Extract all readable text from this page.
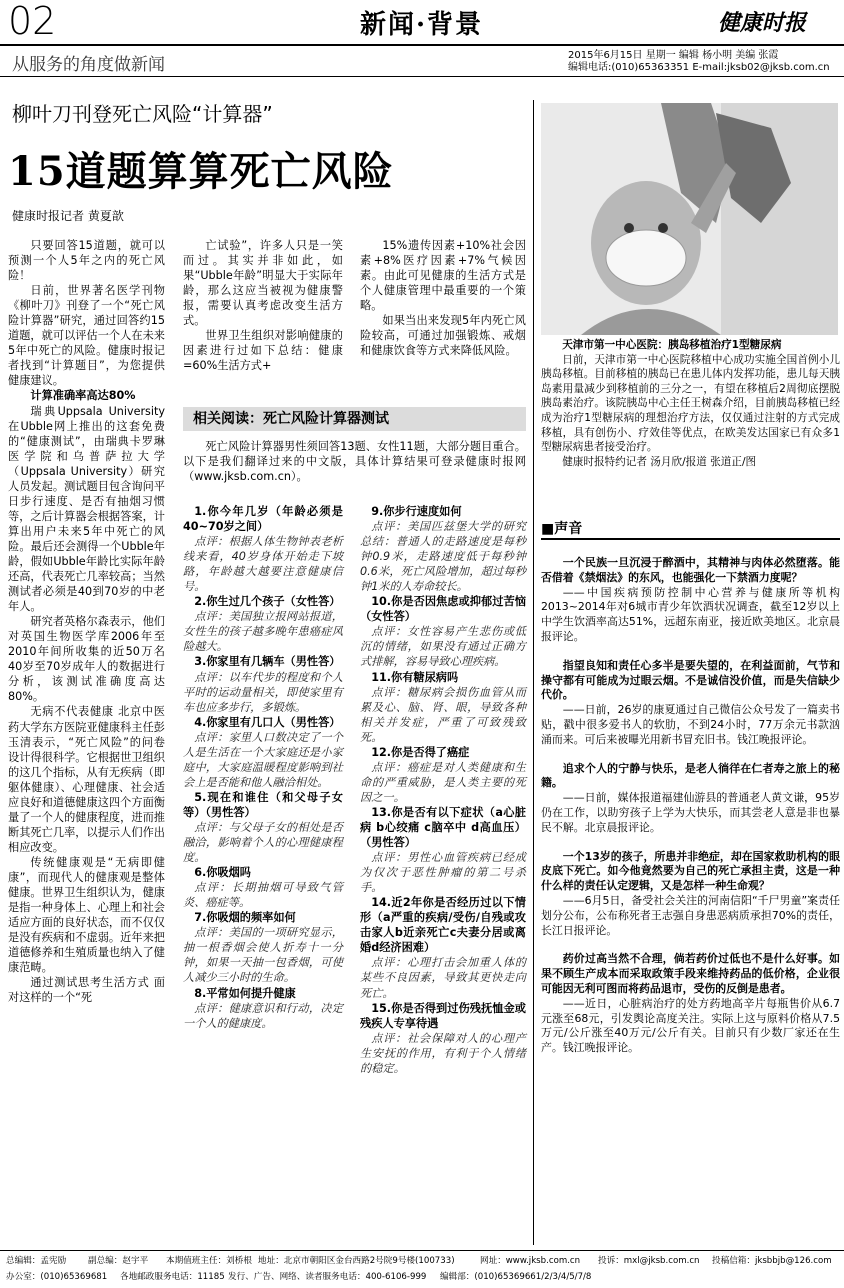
02	新闻·背景	健康时报
从服务的角度做新闻	2015年6月15日 星期一 编辑 杨小明 美编 张霞
编辑电话:(010)65363351 E-mail:jksb02@jksb.com.cn
柳叶刀刊登死亡风险“计算器”
15道题算算死亡风险
健康时报记者 黄夏歆

只要回答15道题，就可以预测一个人5年之内的死亡风险！

日前，世界著名医学刊物《柳叶刀》刊登了一个“死亡风险计算器”研究，通过回答约15道题，就可以评估一个人在未来5年中死亡的风险。健康时报记者找到“计算题目”，为您提供健康建议。

计算准确率高达80%

瑞典Uppsala University在Ubble网上推出的这套免费的“健康测试”，由瑞典卡罗琳医学院和乌普萨拉大学（Uppsala University）研究人员发起。测试题目包含询问平日步行速度、是否有抽烟习惯等，之后计算器会根据答案，计算出用户未来5年中死亡的风险。最后还会测得一个Ubble年龄，假如Ubble年龄比实际年龄还高，代表死亡几率较高；当然测试者必须是40到70岁的中老年人。

研究者英格尔森表示，他们对英国生物医学库2006年至2010年间所收集的近50万名40岁至70岁成年人的数据进行分析，该测试准确度高达80%。

无病不代表健康 北京中医药大学东方医院亚健康科主任彭玉清表示，“死亡风险”的问卷设计得很科学。它根据世卫组织的这几个指标，从有无疾病（即躯体健康）、心理健康、社会适应良好和道德健康这四个方面衡量了一个人的健康程度，进而推断其死亡几率，以提示人们作出相应改变。

传统健康观是“无病即健康”，而现代人的健康观是整体健康。世界卫生组织认为，健康是指一种身体上、心理上和社会适应方面的良好状态，而不仅仅是没有疾病和不虚弱。近年来把道德修养和生殖质量也纳入了健康范畴。

通过测试思考生活方式 面对这样的一个“死

亡试验”，许多人只是一笑而过。其实并非如此，如果“Ubble年龄”明显大于实际年龄，那么这应当被视为健康警报，需要认真考虑改变生活方式。

世界卫生组织对影响健康的因素进行过如下总结：健康=60%生活方式+

15%遗传因素+10%社会因素+8%医疗因素+7%气候因素。由此可见健康的生活方式是个人健康管理中最重要的一个策略。

如果当出来发现5年内死亡风险较高，可通过加强锻炼、戒烟和健康饮食等方式来降低风险。

相关阅读：死亡风险计算器测试

死亡风险计算器男性须回答13题、女性11题，大部分题目重合。以下是我们翻译过来的中文版，具体计算结果可登录健康时报网（www.jksb.com.cn）。

1.你今年几岁（年龄必须是40~70岁之间）

点评：根据人体生物钟表老析线来看，40岁身体开始走下坡路，年龄越大越要注意健康信号。

2.你生过几个孩子（女性答）

点评：美国独立报网站报道，女性生的孩子越多晚年患癌症风险越大。

3.你家里有几辆车（男性答）

点评：以车代步的程度和个人平时的运动量相关，即使家里有车也应多步行，多锻炼。

4.你家里有几口人（男性答）

点评：家里人口数决定了一个人是生活在一个大家庭还是小家庭中，大家庭温暖程度影响到社会上是否能和他人融洽相处。

5.现在和谁住（和父母子女等）（男性答）

点评：与父母子女的相处是否融洽，影响着个人的心理健康程度。

6.你吸烟吗

点评：长期抽烟可导致气管炎、癌症等。

7.你吸烟的频率如何

点评：美国的一项研究显示，抽一根香烟会使人折寿十一分钟，如果一天抽一包香烟，可使人减少三小时的生命。

8.平常如何提升健康

点评：健康意识和行动，决定一个人的健康度。

9.你步行速度如何

点评：美国匹兹堡大学的研究总结：普通人的走路速度是每秒钟0.9米，走路速度低于每秒钟0.6米，死亡风险增加，超过每秒钟1米的人寿命较长。

10.你是否因焦虑或抑郁过苦恼（女性答）

点评：女性容易产生悲伤或低沉的情绪，如果没有通过正确方式排解，容易导致心理疾病。

11.你有糖尿病吗

点评：糖尿病会损伤血管从而累及心、脑、肾、眼，导致各种相关并发症，严重了可致残致死。

12.你是否得了癌症

点评：癌症是对人类健康和生命的严重威胁，是人类主要的死因之一。

13.你是否有以下症状（a心脏病 b心绞痛 c脑卒中 d高血压）（男性答）

点评：男性心血管疾病已经成为仅次于恶性肿瘤的第二号杀手。

14.近2年你是否经历过以下情形（a严重的疾病/受伤/自残或攻击家人b近亲死亡c夫妻分居或离婚d经济困难）

点评：心理打击会加重人体的某些不良因素，导致其更快走向死亡。

15.你是否得到过伤残抚恤金或残疾人专享待遇

点评：社会保障对人的心理产生安抚的作用，有利于个人情绪的稳定。

天津市第一中心医院：胰岛移植治疗1型糖尿病

日前，天津市第一中心医院移植中心成功实施全国首例小儿胰岛移植。目前移植的胰岛已在患儿体内发挥功能，患儿每天胰岛素用量减少到移植前的三分之一，有望在移植后2周彻底摆脱胰岛素治疗。该院胰岛中心主任王树森介绍，目前胰岛移植已经成为治疗1型糖尿病的理想治疗方法，仅仅通过注射的方式完成移植，具有创伤小、疗效佳等优点，在欧美发达国家已有众多1型糖尿病患者接受治疗。

健康时报特约记者 汤月欣/报道 张道正/图

■声音

一个民族一旦沉浸于醉酒中，其精神与肉体必然堕落。能否借着《禁烟法》的东风，也能强化一下禁酒力度呢？

——中国疾病预防控制中心营养与健康所等机构2013~2014年对6城市青少年饮酒状况调查，截至12岁以上中学生饮酒率高达51%，远超东南亚，接近欧美地区。北京晨报评论。

指望良知和责任心多半是要失望的，在利益面前，气节和操守都有可能成为过眼云烟。不是诚信没价值，而是失信缺少代价。

——日前，26岁的康夏通过自己微信公众号发了一篇卖书贴，戳中很多爱书人的软肋，不到24小时，77万余元书款汹涌而来。可后来被曝光用新书冒充旧书。钱江晚报评论。

追求个人的宁静与快乐，是老人徜徉在仁者寿之旅上的秘籍。

——日前，媒体报道福建仙游县的普通老人黄文谦，95岁仍在工作，以助穷孩子上学为大快乐，而其尝老人意是非也暴民不解。北京晨报评论。

一个13岁的孩子，所患并非绝症，却在国家救助机构的眼皮底下死亡。如今他竟然要为自己的死亡承担主责，这是一种什么样的责任认定逻辑，又是怎样一种生命观？

——6月5日，备受社会关注的河南信阳“千尸男童”案责任划分公布，公布称死者王志强自身患恶病质承担70%的责任，长江日报评论。

药价过高当然不合理，倘若药价过低也不是什么好事。如果不顾生产成本而采取政策手段来维持药品的低价格，企业很可能因无利可图而将药品退市，受伤的反倒是患者。

——近日，心脏病治疗的处方药地高辛片每瓶售价从6.7元涨至68元，引发舆论高度关注。实际上这与原料价格从7.5万元/公斤涨至40万元/公斤有关。目前只有少数厂家还在生产。钱江晚报评论。

总编辑：孟宪励	副总编：赵宇平 本期值班主任：刘桥根 地址：北京市朝阳区金台西路2号院9号楼(100733)	网址：www.jksb.com.cn 投诉：mxl@jksb.com.cn 投稿信箱：jksbbjb@126.com
办公室：(010)65369681 各地邮政服务电话：11185 发行、广告、网络、读者服务电话：400-6106-999 编辑部：(010)65369661/2/3/4/5/7/8
